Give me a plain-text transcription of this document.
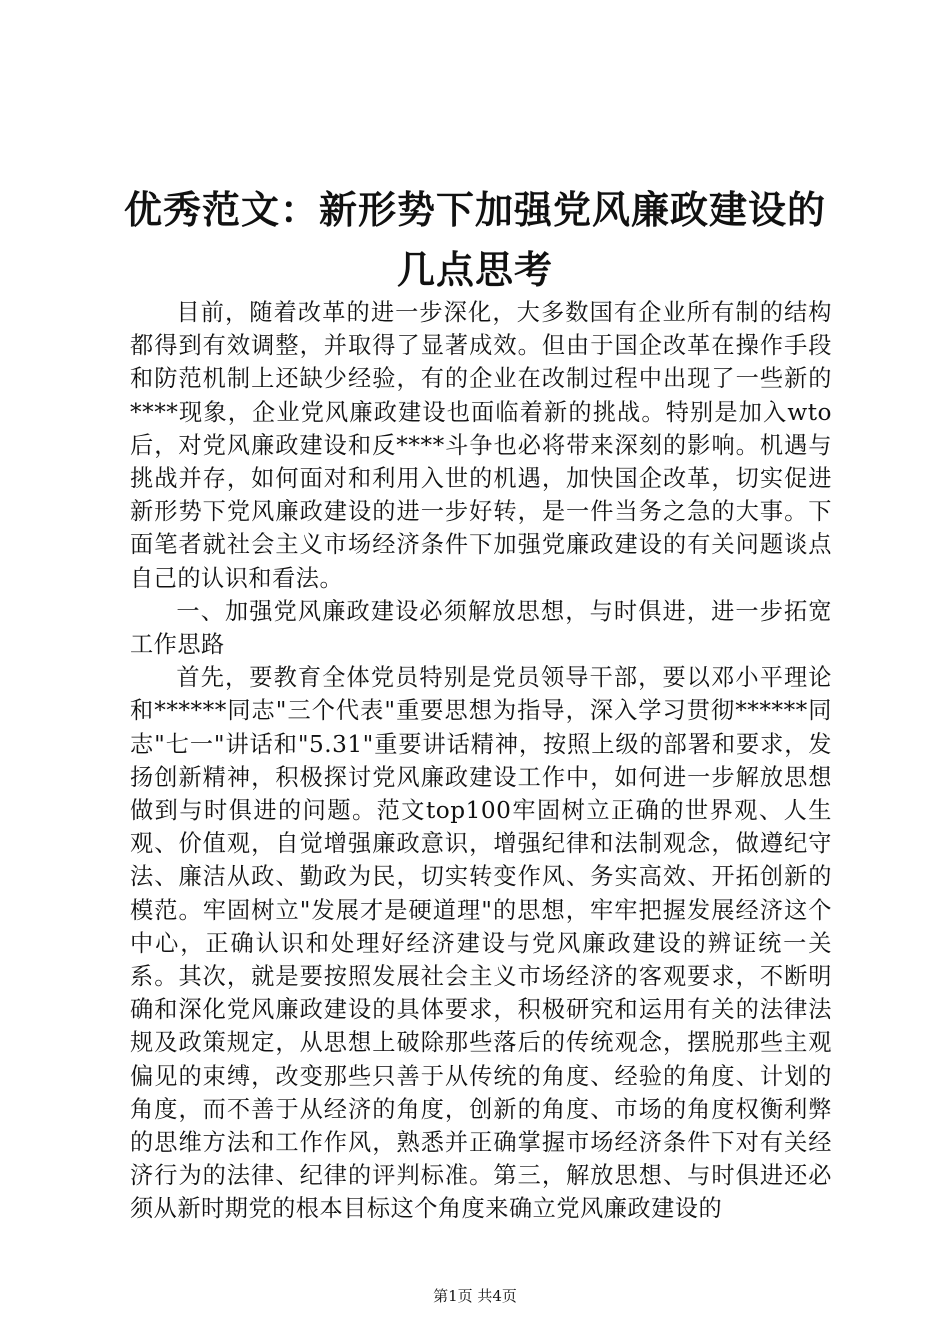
优秀范文：新形势下加强党风廉政建设的几点思考

目前，随着改革的进一步深化，大多数国有企业所有制的结构都得到有效调整，并取得了显著成效。但由于国企改革在操作手段和防范机制上还缺少经验，有的企业在改制过程中出现了一些新的****现象，企业党风廉政建设也面临着新的挑战。特别是加入wto后，对党风廉政建设和反****斗争也必将带来深刻的影响。机遇与挑战并存，如何面对和利用入世的机遇，加快国企改革，切实促进新形势下党风廉政建设的进一步好转，是一件当务之急的大事。下面笔者就社会主义市场经济条件下加强党廉政建设的有关问题谈点自己的认识和看法。

一、加强党风廉政建设必须解放思想，与时俱进，进一步拓宽工作思路

首先，要教育全体党员特别是党员领导干部，要以邓小平理论和******同志"三个代表"重要思想为指导，深入学习贯彻******同志"七一"讲话和"5.31"重要讲话精神，按照上级的部署和要求，发扬创新精神，积极探讨党风廉政建设工作中，如何进一步解放思想做到与时俱进的问题。范文top100牢固树立正确的世界观、人生观、价值观，自觉增强廉政意识，增强纪律和法制观念，做遵纪守法、廉洁从政、勤政为民，切实转变作风、务实高效、开拓创新的模范。牢固树立"发展才是硬道理"的思想，牢牢把握发展经济这个中心，正确认识和处理好经济建设与党风廉政建设的辨证统一关系。其次，就是要按照发展社会主义市场经济的客观要求，不断明确和深化党风廉政建设的具体要求，积极研究和运用有关的法律法规及政策规定，从思想上破除那些落后的传统观念，摆脱那些主观偏见的束缚，改变那些只善于从传统的角度、经验的角度、计划的角度，而不善于从经济的角度，创新的角度、市场的角度权衡利弊的思维方法和工作作风，熟悉并正确掌握市场经济条件下对有关经济行为的法律、纪律的评判标准。第三，解放思想、与时俱进还必须从新时期党的根本目标这个角度来确立党风廉政建设的

第1页 共4页
